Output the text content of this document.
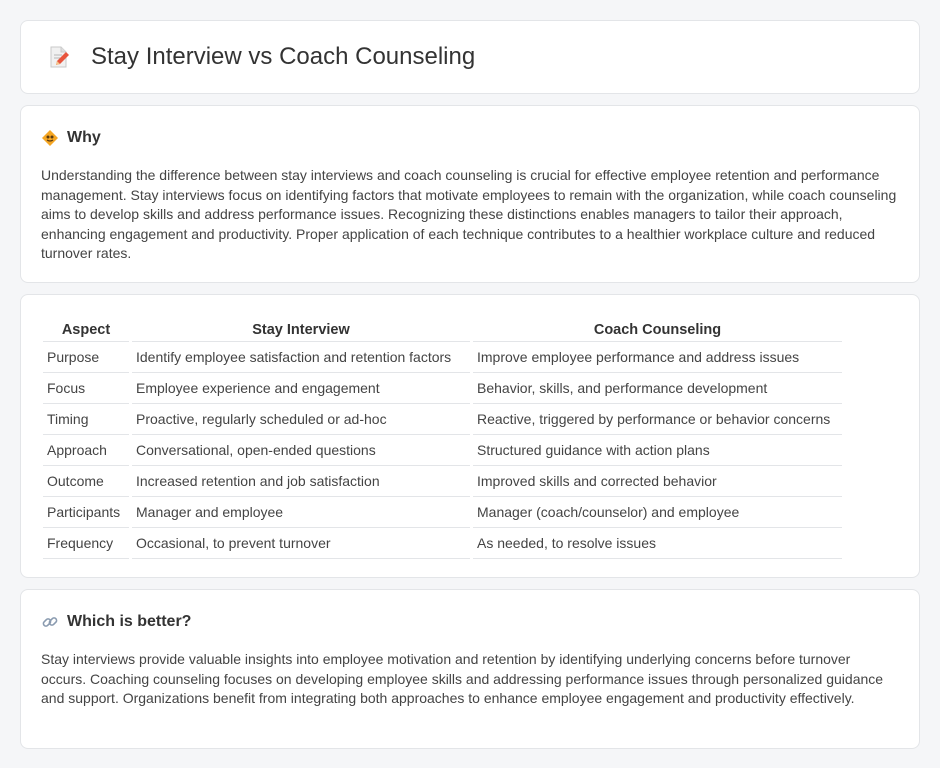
Stay Interview vs Coach Counseling
Why

Understanding the difference between stay interviews and coach counseling is crucial for effective employee retention and performance management. Stay interviews focus on identifying factors that motivate employees to remain with the organization, while coach counseling aims to develop skills and address performance issues. Recognizing these distinctions enables managers to tailor their approach, enhancing engagement and productivity. Proper application of each technique contributes to a healthier workplace culture and reduced turnover rates.

Aspect	Stay Interview	Coach Counseling
Purpose	Identify employee satisfaction and retention factors	Improve employee performance and address issues
Focus	Employee experience and engagement	Behavior, skills, and performance development
Timing	Proactive, regularly scheduled or ad-hoc	Reactive, triggered by performance or behavior concerns
Approach	Conversational, open-ended questions	Structured guidance with action plans
Outcome	Increased retention and job satisfaction	Improved skills and corrected behavior
Participants	Manager and employee	Manager (coach/counselor) and employee
Frequency	Occasional, to prevent turnover	As needed, to resolve issues
Which is better?

Stay interviews provide valuable insights into employee motivation and retention by identifying underlying concerns before turnover occurs. Coaching counseling focuses on developing employee skills and addressing performance issues through personalized guidance and support. Organizations benefit from integrating both approaches to enhance employee engagement and productivity effectively.
